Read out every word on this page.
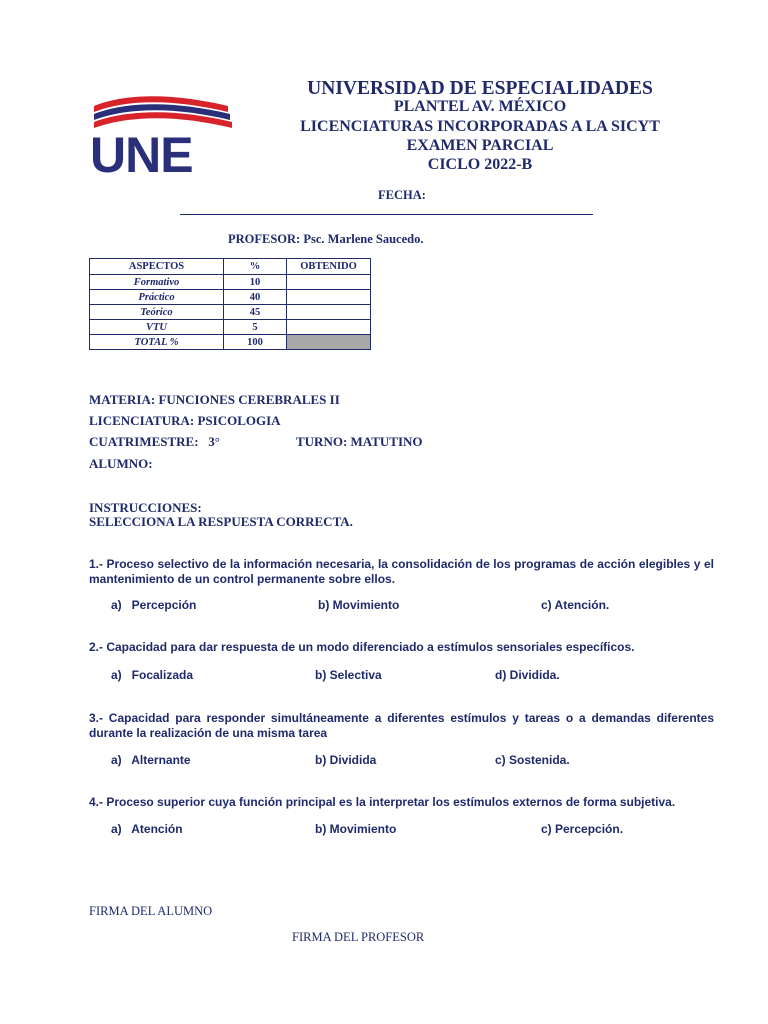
UNE
UNIVERSIDAD DE ESPECIALIDADES
PLANTEL AV. MÉXICO
LICENCIATURAS INCORPORADAS A LA SICYT
EXAMEN PARCIAL
CICLO 2022-B
FECHA:
PROFESOR: Psc. Marlene Saucedo.
ASPECTOS	%	OBTENIDO
Formativo	10	
Práctico	40	
Teórico	45	
VTU	5	
TOTAL %	100	
MATERIA: FUNCIONES CEREBRALES II
LICENCIATURA: PSICOLOGIA
CUATRIMESTRE:   3°	TURNO: MATUTINO
ALUMNO:
INSTRUCCIONES:
SELECCIONA LA RESPUESTA CORRECTA.
1.- Proceso selectivo de la información necesaria, la consolidación de los programas de acción elegibles y el mantenimiento de un control permanente sobre ellos.
a)   Percepción	b) Movimiento	c) Atención.
2.- Capacidad para dar respuesta de un modo diferenciado a estímulos sensoriales específicos.
a)   Focalizada	b) Selectiva	d) Dividida.
3.- Capacidad para responder simultáneamente a diferentes estímulos y tareas o a demandas diferentes durante la realización de una misma tarea
a)   Alternante	b) Dividida	c) Sostenida.
4.- Proceso superior cuya función principal es la interpretar los estímulos externos de forma subjetiva.
a)   Atención	b) Movimiento	c) Percepción.
FIRMA DEL ALUMNO
FIRMA DEL PROFESOR
